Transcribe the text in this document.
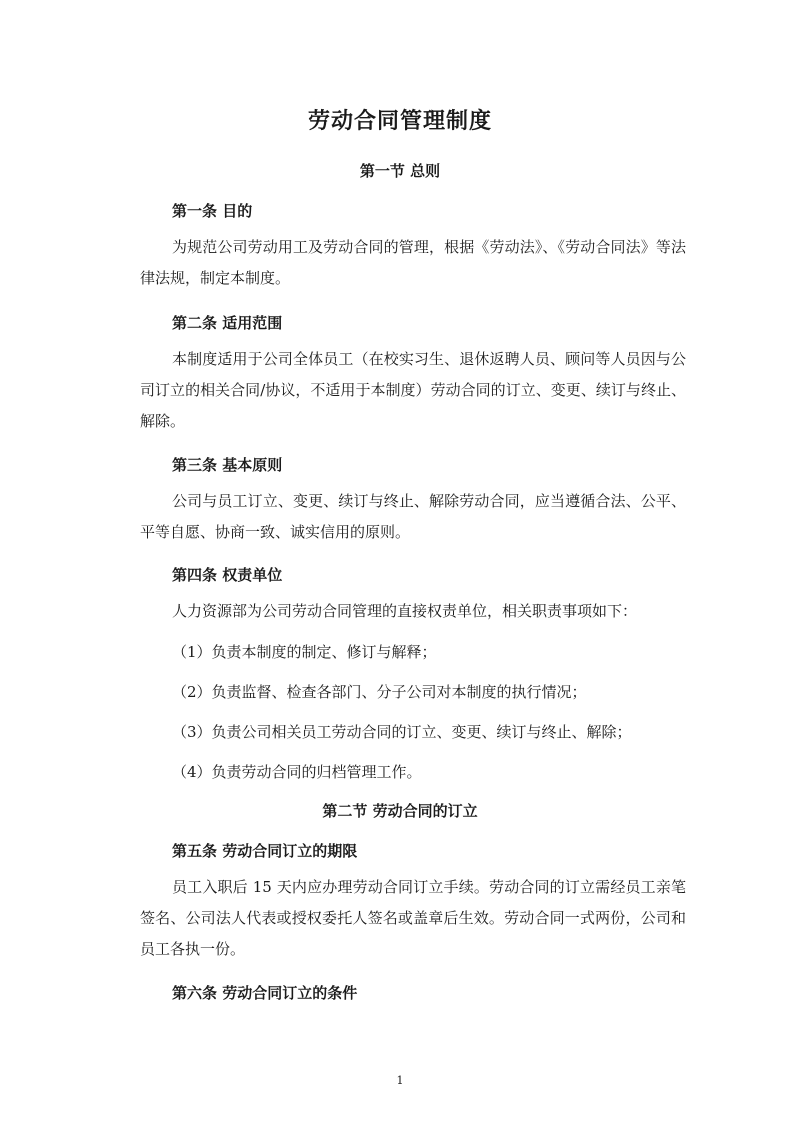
劳动合同管理制度
第一节 总则
第一条 目的
为规范公司劳动用工及劳动合同的管理，根据《劳动法》、《劳动合同法》等法律法规，制定本制度。
第二条 适用范围
本制度适用于公司全体员工（在校实习生、退休返聘人员、顾问等人员因与公司订立的相关合同/协议，不适用于本制度）劳动合同的订立、变更、续订与终止、解除。
第三条 基本原则
公司与员工订立、变更、续订与终止、解除劳动合同，应当遵循合法、公平、平等自愿、协商一致、诚实信用的原则。
第四条 权责单位
人力资源部为公司劳动合同管理的直接权责单位，相关职责事项如下：
（1）负责本制度的制定、修订与解释；
（2）负责监督、检查各部门、分子公司对本制度的执行情况；
（3）负责公司相关员工劳动合同的订立、变更、续订与终止、解除；
（4）负责劳动合同的归档管理工作。
第二节 劳动合同的订立
第五条 劳动合同订立的期限
员工入职后 15 天内应办理劳动合同订立手续。劳动合同的订立需经员工亲笔签名、公司法人代表或授权委托人签名或盖章后生效。劳动合同一式两份，公司和员工各执一份。
第六条 劳动合同订立的条件
1
